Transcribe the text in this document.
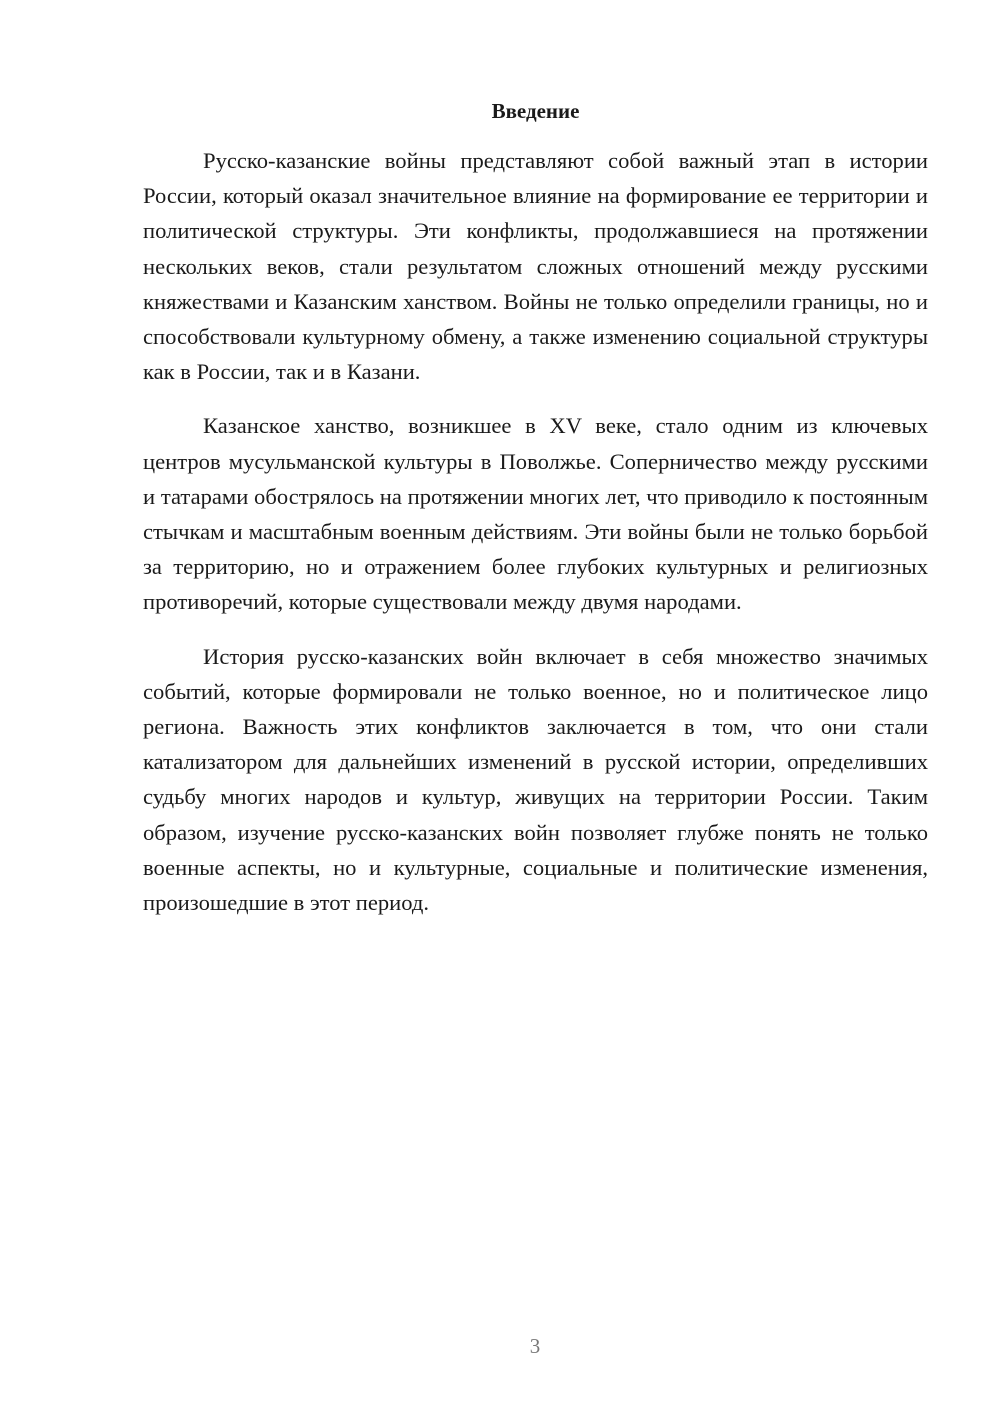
Введение

Русско-казанские войны представляют собой важный этап в истории России, который оказал значительное влияние на формирование ее территории и политической структуры. Эти конфликты, продолжавшиеся на протяжении нескольких веков, стали результатом сложных отношений между русскими княжествами и Казанским ханством. Войны не только определили границы, но и способствовали культурному обмену, а также изменению социальной структуры как в России, так и в Казани.

Казанское ханство, возникшее в XV веке, стало одним из ключевых центров мусульманской культуры в Поволжье. Соперничество между русскими и татарами обострялось на протяжении многих лет, что приводило к постоянным стычкам и масштабным военным действиям. Эти войны были не только борьбой за территорию, но и отражением более глубоких культурных и религиозных противоречий, которые существовали между двумя народами.

История русско-казанских войн включает в себя множество значимых событий, которые формировали не только военное, но и политическое лицо региона. Важность этих конфликтов заключается в том, что они стали катализатором для дальнейших изменений в русской истории, определивших судьбу многих народов и культур, живущих на территории России. Таким образом, изучение русско-казанских войн позволяет глубже понять не только военные аспекты, но и культурные, социальные и политические изменения, произошедшие в этот период.

3
